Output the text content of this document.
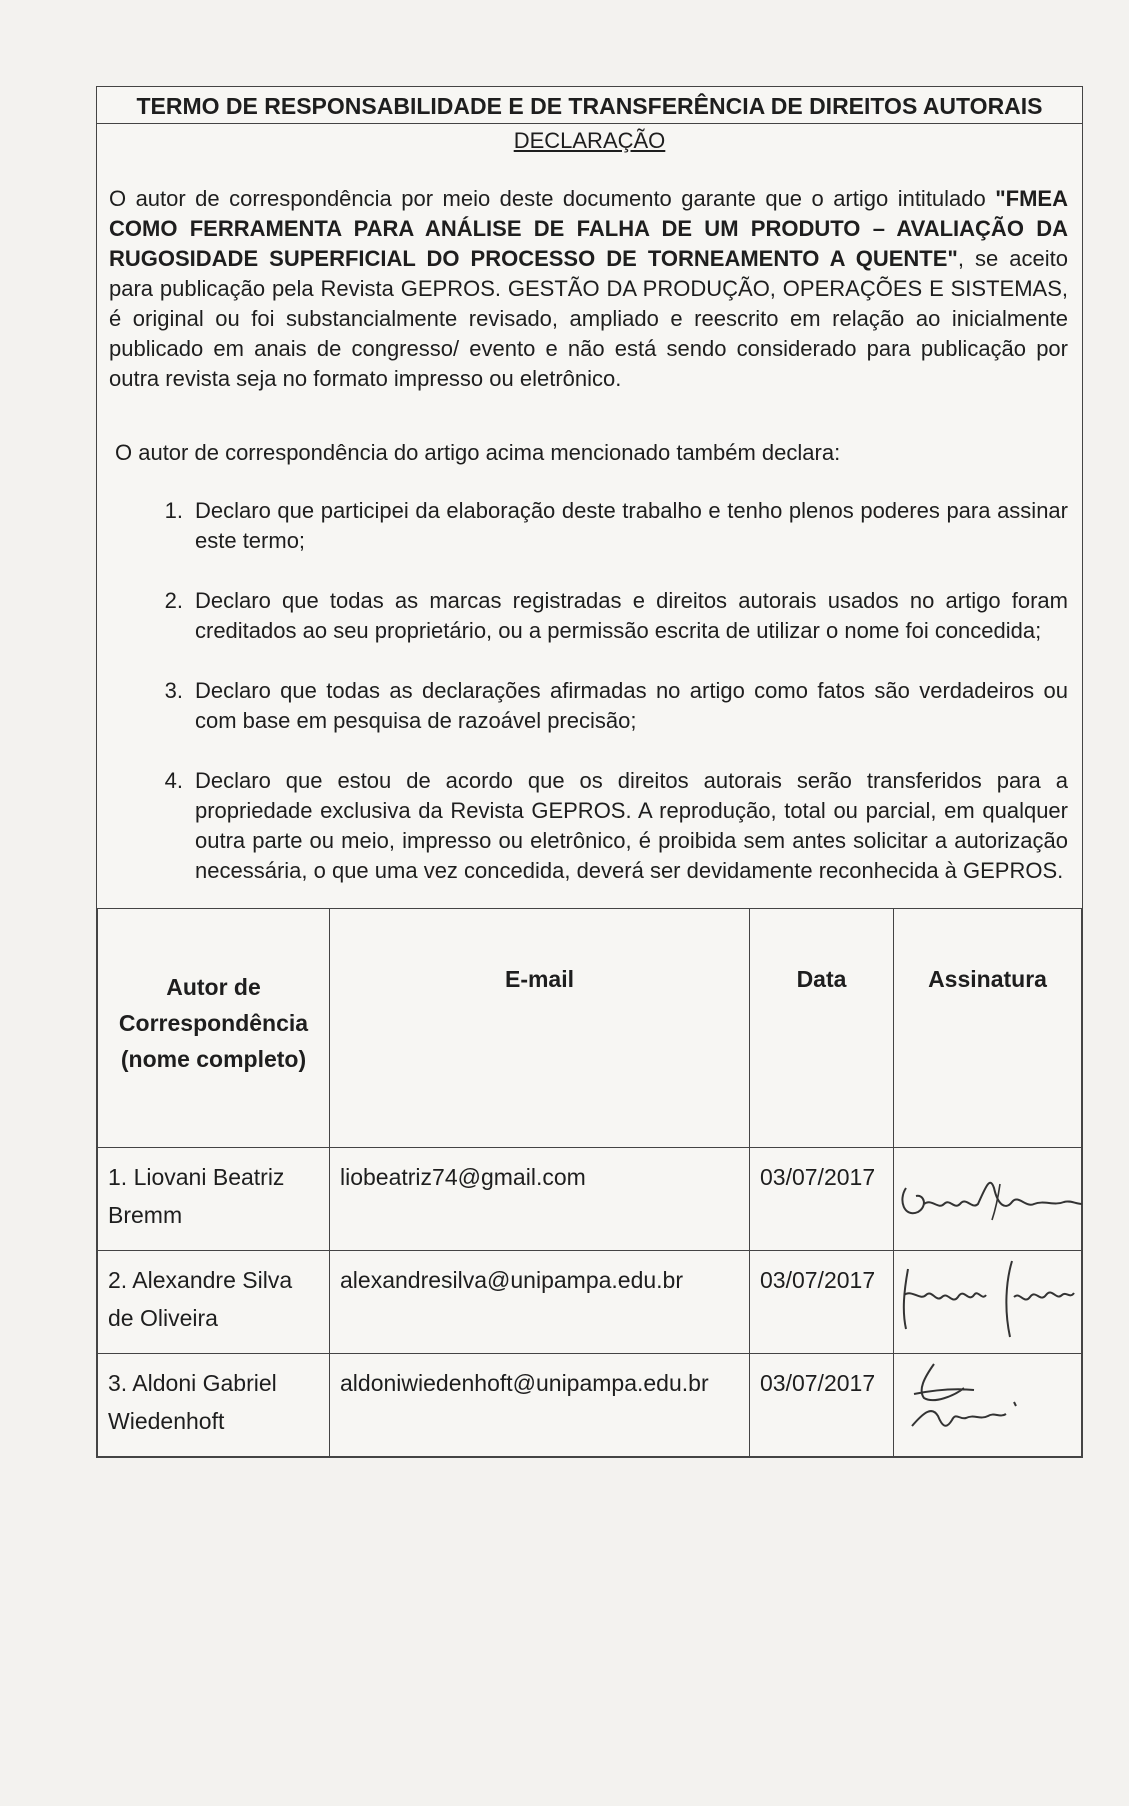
TERMO DE RESPONSABILIDADE E DE TRANSFERÊNCIA DE DIREITOS AUTORAIS
DECLARAÇÃO

O autor de correspondência por meio deste documento garante que o artigo intitulado "FMEA COMO FERRAMENTA PARA ANÁLISE DE FALHA DE UM PRODUTO – AVALIAÇÃO DA RUGOSIDADE SUPERFICIAL DO PROCESSO DE TORNEAMENTO A QUENTE", se aceito para publicação pela Revista GEPROS. GESTÃO DA PRODUÇÃO, OPERAÇÕES E SISTEMAS, é original ou foi substancialmente revisado, ampliado e reescrito em relação ao inicialmente publicado em anais de congresso/ evento e não está sendo considerado para publicação por outra revista seja no formato impresso ou eletrônico.

O autor de correspondência do artigo acima mencionado também declara:

1. Declaro que participei da elaboração deste trabalho e tenho plenos poderes para assinar este termo;
2. Declaro que todas as marcas registradas e direitos autorais usados no artigo foram creditados ao seu proprietário, ou a permissão escrita de utilizar o nome foi concedida;
3. Declaro que todas as declarações afirmadas no artigo como fatos são verdadeiros ou com base em pesquisa de razoável precisão;
4. Declaro que estou de acordo que os direitos autorais serão transferidos para a propriedade exclusiva da Revista GEPROS. A reprodução, total ou parcial, em qualquer outra parte ou meio, impresso ou eletrônico, é proibida sem antes solicitar a autorização necessária, o que uma vez concedida, deverá ser devidamente reconhecida à GEPROS.
Autor de Correspondência (nome completo)	E-mail	Data	Assinatura
1. Liovani Beatriz Bremm	liobeatriz74@gmail.com	03/07/2017	

2. Alexandre Silva de Oliveira	alexandresilva@unipampa.edu.br	03/07/2017	

3. Aldoni Gabriel Wiedenhoft	aldoniwiedenhoft@unipampa.edu.br	03/07/2017	
